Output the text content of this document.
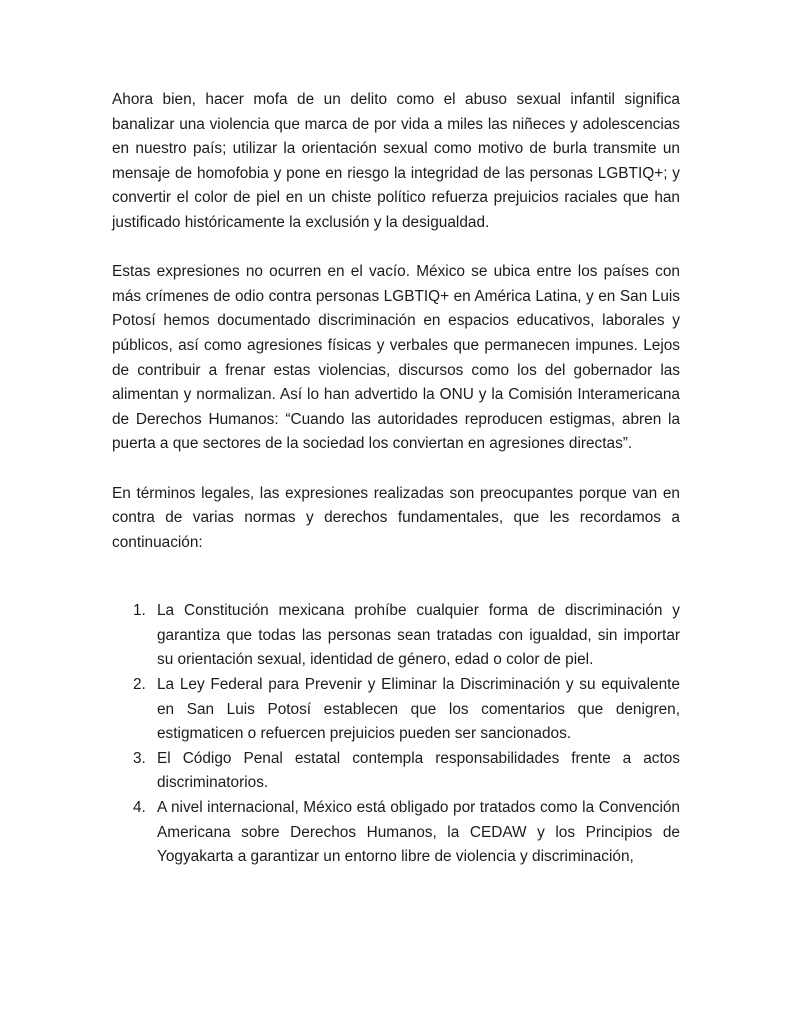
Ahora bien, hacer mofa de un delito como el abuso sexual infantil significa banalizar una violencia que marca de por vida a miles las niñeces y adolescencias en nuestro país; utilizar la orientación sexual como motivo de burla transmite un mensaje de homofobia y pone en riesgo la integridad de las personas LGBTIQ+; y convertir el color de piel en un chiste político refuerza prejuicios raciales que han justificado históricamente la exclusión y la desigualdad.

Estas expresiones no ocurren en el vacío. México se ubica entre los países con más crímenes de odio contra personas LGBTIQ+ en América Latina, y en San Luis Potosí hemos documentado discriminación en espacios educativos, laborales y públicos, así como agresiones físicas y verbales que permanecen impunes. Lejos de contribuir a frenar estas violencias, discursos como los del gobernador las alimentan y normalizan. Así lo han advertido la ONU y la Comisión Interamericana de Derechos Humanos: “Cuando las autoridades reproducen estigmas, abren la puerta a que sectores de la sociedad los conviertan en agresiones directas”.

En términos legales, las expresiones realizadas son preocupantes porque van en contra de varias normas y derechos fundamentales, que les recordamos a continuación:

1. La Constitución mexicana prohíbe cualquier forma de discriminación y garantiza que todas las personas sean tratadas con igualdad, sin importar su orientación sexual, identidad de género, edad o color de piel.
2. La Ley Federal para Prevenir y Eliminar la Discriminación y su equivalente en San Luis Potosí establecen que los comentarios que denigren, estigmaticen o refuercen prejuicios pueden ser sancionados.
3. El Código Penal estatal contempla responsabilidades frente a actos discriminatorios.
4. A nivel internacional, México está obligado por tratados como la Convención Americana sobre Derechos Humanos, la CEDAW y los Principios de Yogyakarta a garantizar un entorno libre de violencia y discriminación,
